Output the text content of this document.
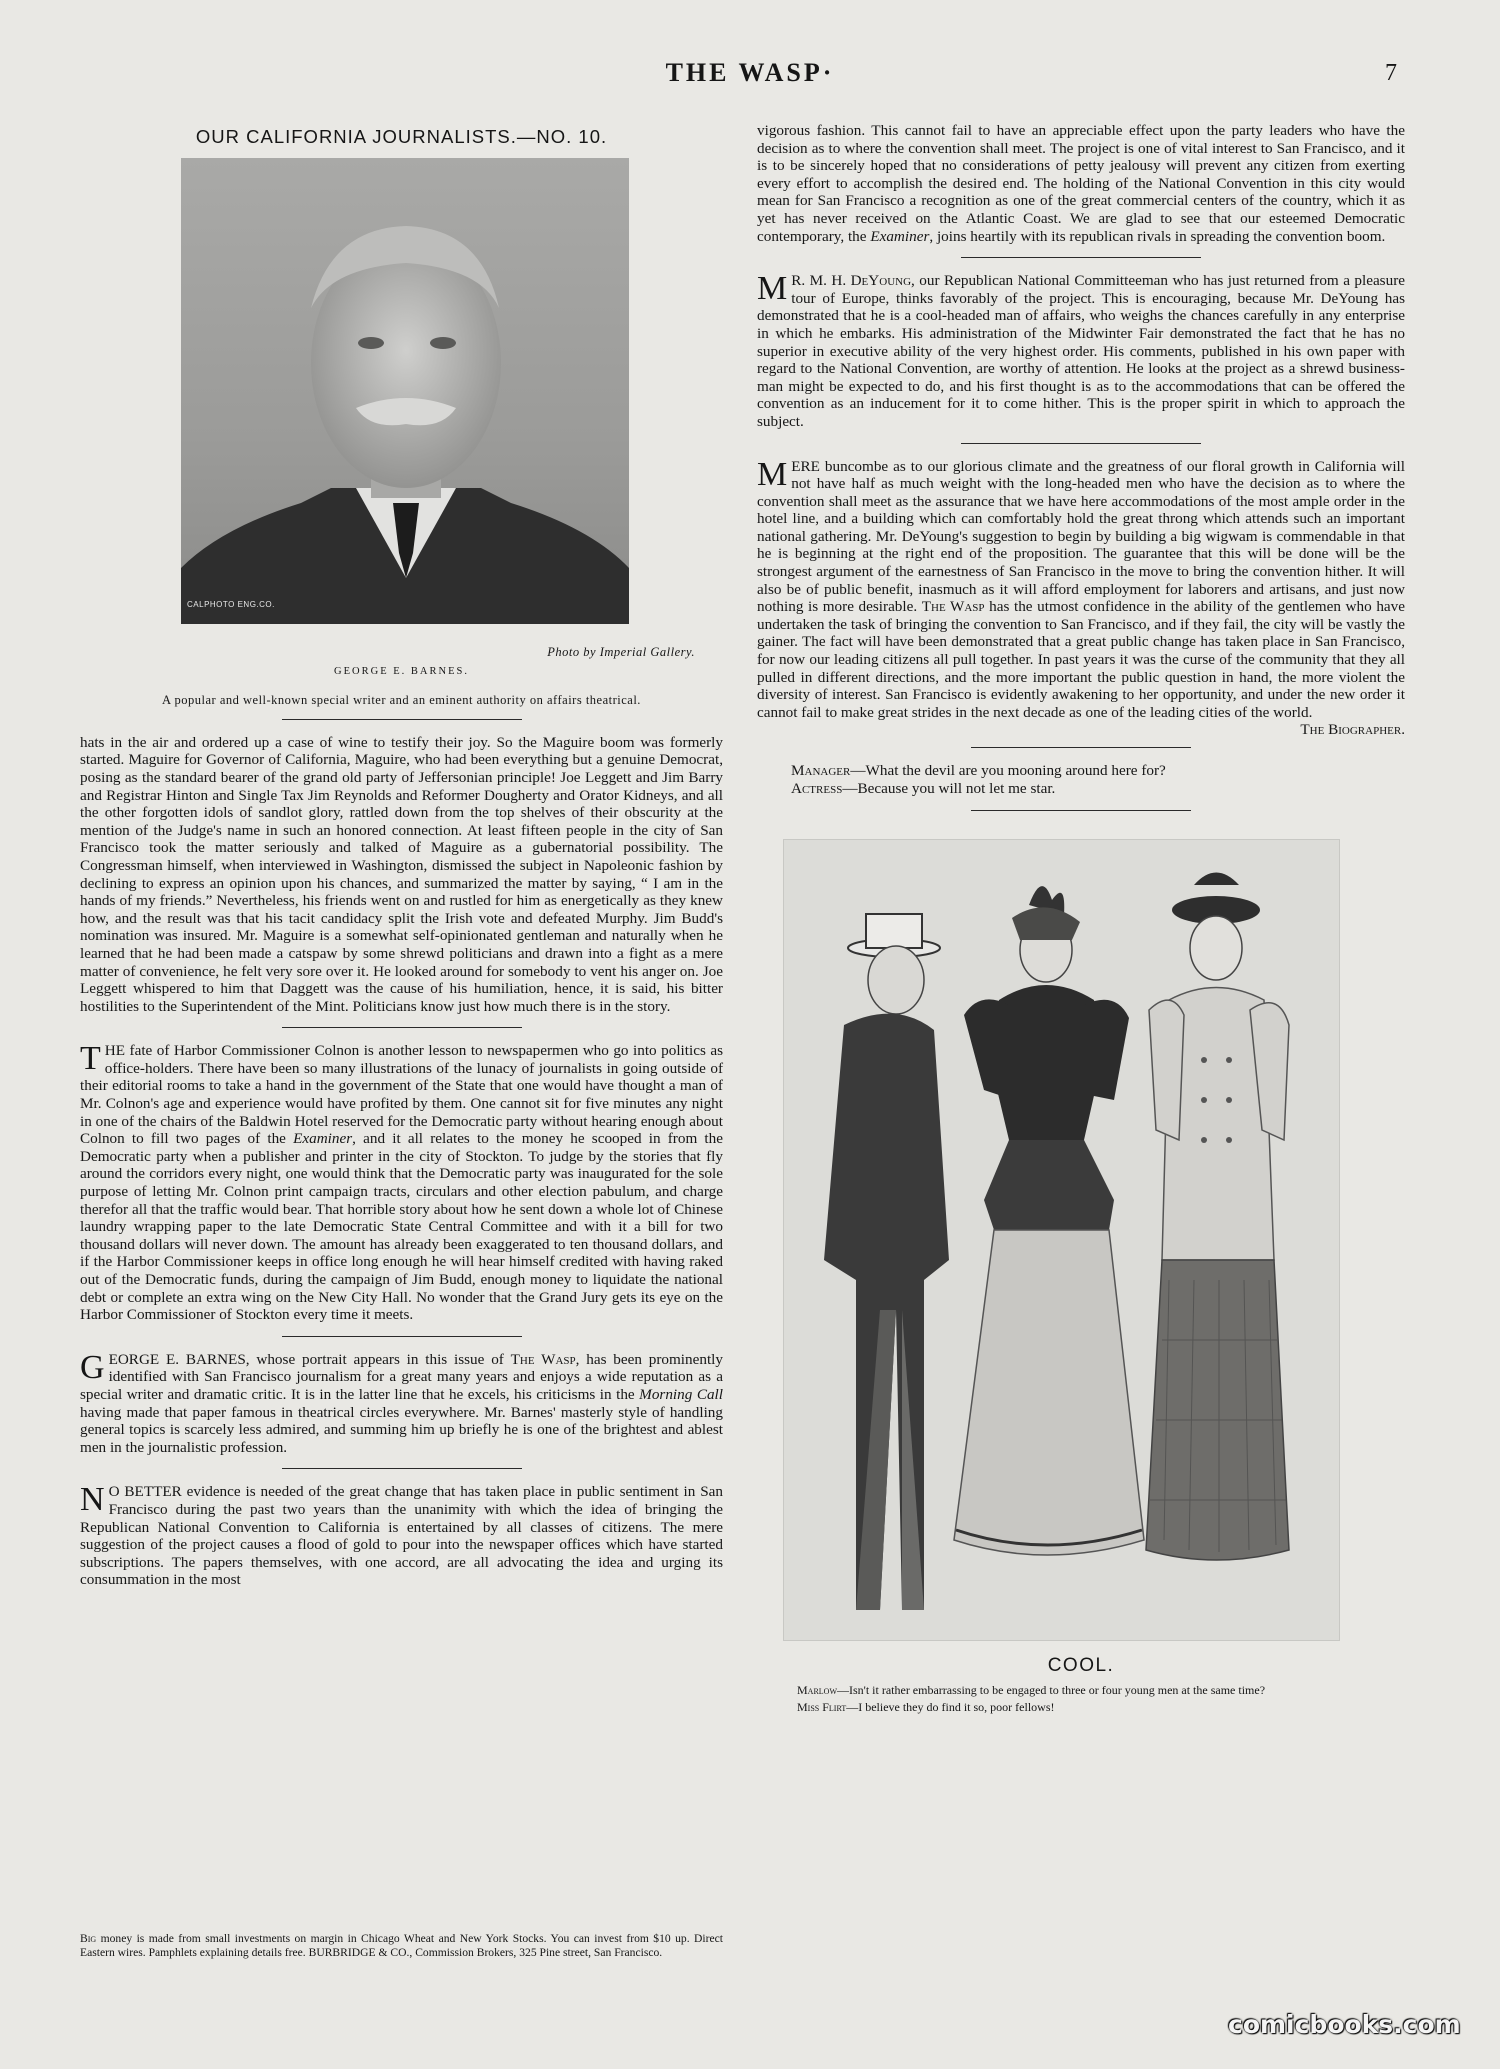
THE WASP·	7
OUR CALIFORNIA JOURNALISTS.—NO. 10.
CALPHOTO ENG.CO.
Photo by Imperial Gallery.
GEORGE E. BARNES.
A popular and well-known special writer and an eminent authority on affairs theatrical.

hats in the air and ordered up a case of wine to testify their joy. So the Maguire boom was formerly started. Maguire for Governor of California, Maguire, who had been everything but a genuine Democrat, posing as the standard bearer of the grand old party of Jeffersonian principle! Joe Leggett and Jim Barry and Registrar Hinton and Single Tax Jim Reynolds and Reformer Dougherty and Orator Kidneys, and all the other forgotten idols of sandlot glory, rattled down from the top shelves of their obscurity at the mention of the Judge's name in such an honored connection. At least fifteen people in the city of San Francisco took the matter seriously and talked of Maguire as a gubernatorial possibility. The Congressman himself, when interviewed in Washington, dismissed the subject in Napoleonic fashion by declining to express an opinion upon his chances, and summarized the matter by saying, “ I am in the hands of my friends.” Nevertheless, his friends went on and rustled for him as energetically as they knew how, and the result was that his tacit candidacy split the Irish vote and defeated Murphy. Jim Budd's nomination was insured. Mr. Maguire is a somewhat self-opinionated gentleman and naturally when he learned that he had been made a catspaw by some shrewd politicians and drawn into a fight as a mere matter of convenience, he felt very sore over it. He looked around for somebody to vent his anger on. Joe Leggett whispered to him that Daggett was the cause of his humiliation, hence, it is said, his bitter hostilities to the Superintendent of the Mint. Politicians know just how much there is in the story.

THE fate of Harbor Commissioner Colnon is another lesson to newspapermen who go into politics as office-holders. There have been so many illustrations of the lunacy of journalists in going outside of their editorial rooms to take a hand in the government of the State that one would have thought a man of Mr. Colnon's age and experience would have profited by them. One cannot sit for five minutes any night in one of the chairs of the Baldwin Hotel reserved for the Democratic party without hearing enough about Colnon to fill two pages of the Examiner, and it all relates to the money he scooped in from the Democratic party when a publisher and printer in the city of Stockton. To judge by the stories that fly around the corridors every night, one would think that the Democratic party was inaugurated for the sole purpose of letting Mr. Colnon print campaign tracts, circulars and other election pabulum, and charge therefor all that the traffic would bear. That horrible story about how he sent down a whole lot of Chinese laundry wrapping paper to the late Democratic State Central Committee and with it a bill for two thousand dollars will never down. The amount has already been exaggerated to ten thousand dollars, and if the Harbor Commissioner keeps in office long enough he will hear himself credited with having raked out of the Democratic funds, during the campaign of Jim Budd, enough money to liquidate the national debt or complete an extra wing on the New City Hall. No wonder that the Grand Jury gets its eye on the Harbor Commissioner of Stockton every time it meets.

GEORGE E. BARNES, whose portrait appears in this issue of The Wasp, has been prominently identified with San Francisco journalism for a great many years and enjoys a wide reputation as a special writer and dramatic critic. It is in the latter line that he excels, his criticisms in the Morning Call having made that paper famous in theatrical circles everywhere. Mr. Barnes' masterly style of handling general topics is scarcely less admired, and summing him up briefly he is one of the brightest and ablest men in the journalistic profession.

N O BETTER evidence is needed of the great change that has taken place in public sentiment in San Francisco during the past two years than the unanimity with which the idea of bringing the Republican National Convention to California is entertained by all classes of citizens. The mere suggestion of the project causes a flood of gold to pour into the newspaper offices which have started subscriptions. The papers themselves, with one accord, are all advocating the idea and urging its consummation in the most

vigorous fashion. This cannot fail to have an appreciable effect upon the party leaders who have the decision as to where the convention shall meet. The project is one of vital interest to San Francisco, and it is to be sincerely hoped that no considerations of petty jealousy will prevent any citizen from exerting every effort to accomplish the desired end. The holding of the National Convention in this city would mean for San Francisco a recognition as one of the great commercial centers of the country, which it as yet has never received on the Atlantic Coast. We are glad to see that our esteemed Democratic contemporary, the Examiner, joins heartily with its republican rivals in spreading the convention boom.

M R. M. H. DeYoung, our Republican National Committeeman who has just returned from a pleasure tour of Europe, thinks favorably of the project. This is encouraging, because Mr. DeYoung has demonstrated that he is a cool-headed man of affairs, who weighs the chances carefully in any enterprise in which he embarks. His administration of the Midwinter Fair demonstrated the fact that he has no superior in executive ability of the very highest order. His comments, published in his own paper with regard to the National Convention, are worthy of attention. He looks at the project as a shrewd business-man might be expected to do, and his first thought is as to the accommodations that can be offered the convention as an inducement for it to come hither. This is the proper spirit in which to approach the subject.

MERE buncombe as to our glorious climate and the greatness of our floral growth in California will not have half as much weight with the long-headed men who have the decision as to where the convention shall meet as the assurance that we have here accommodations of the most ample order in the hotel line, and a building which can comfortably hold the great throng which attends such an important national gathering. Mr. DeYoung's suggestion to begin by building a big wigwam is commendable in that he is beginning at the right end of the proposition. The guarantee that this will be done will be the strongest argument of the earnestness of San Francisco in the move to bring the convention hither. It will also be of public benefit, inasmuch as it will afford employment for laborers and artisans, and just now nothing is more desirable. The Wasp has the utmost confidence in the ability of the gentlemen who have undertaken the task of bringing the convention to San Francisco, and if they fail, the city will be vastly the gainer. The fact will have been demonstrated that a great public change has taken place in San Francisco, for now our leading citizens all pull together. In past years it was the curse of the community that they all pulled in different directions, and the more important the public question in hand, the more violent the diversity of interest. San Francisco is evidently awakening to her opportunity, and under the new order it cannot fail to make great strides in the next decade as one of the leading cities of the world.
The Biographer.

Manager—What the devil are you mooning around here for?
Actress—Because you will not let me star.
COOL.
Marlow—Isn't it rather embarrassing to be engaged to three or four young men at the same time?
Miss Flirt—I believe they do find it so, poor fellows!
Big money is made from small investments on margin in Chicago Wheat and New York Stocks. You can invest from $10 up. Direct Eastern wires. Pamphlets explaining details free. BURBRIDGE & CO., Commission Brokers, 325 Pine street, San Francisco.
comicbooks.com
